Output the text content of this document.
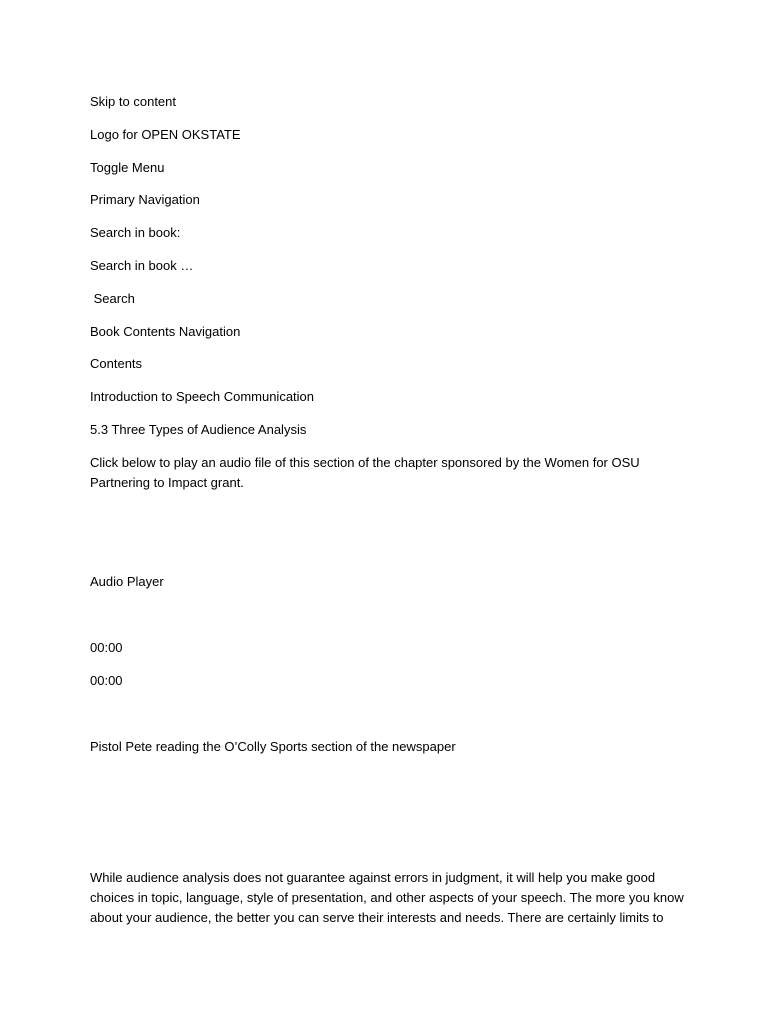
Skip to content
Logo for OPEN OKSTATE
Toggle Menu
Primary Navigation
Search in book:
Search in book …
Search
Book Contents Navigation
Contents
Introduction to Speech Communication
5.3 Three Types of Audience Analysis
Click below to play an audio file of this section of the chapter sponsored by the Women for OSU Partnering to Impact grant.
Audio Player
00:00
00:00
Pistol Pete reading the O’Colly Sports section of the newspaper
While audience analysis does not guarantee against errors in judgment, it will help you make good choices in topic, language, style of presentation, and other aspects of your speech. The more you know about your audience, the better you can serve their interests and needs. There are certainly limits to
